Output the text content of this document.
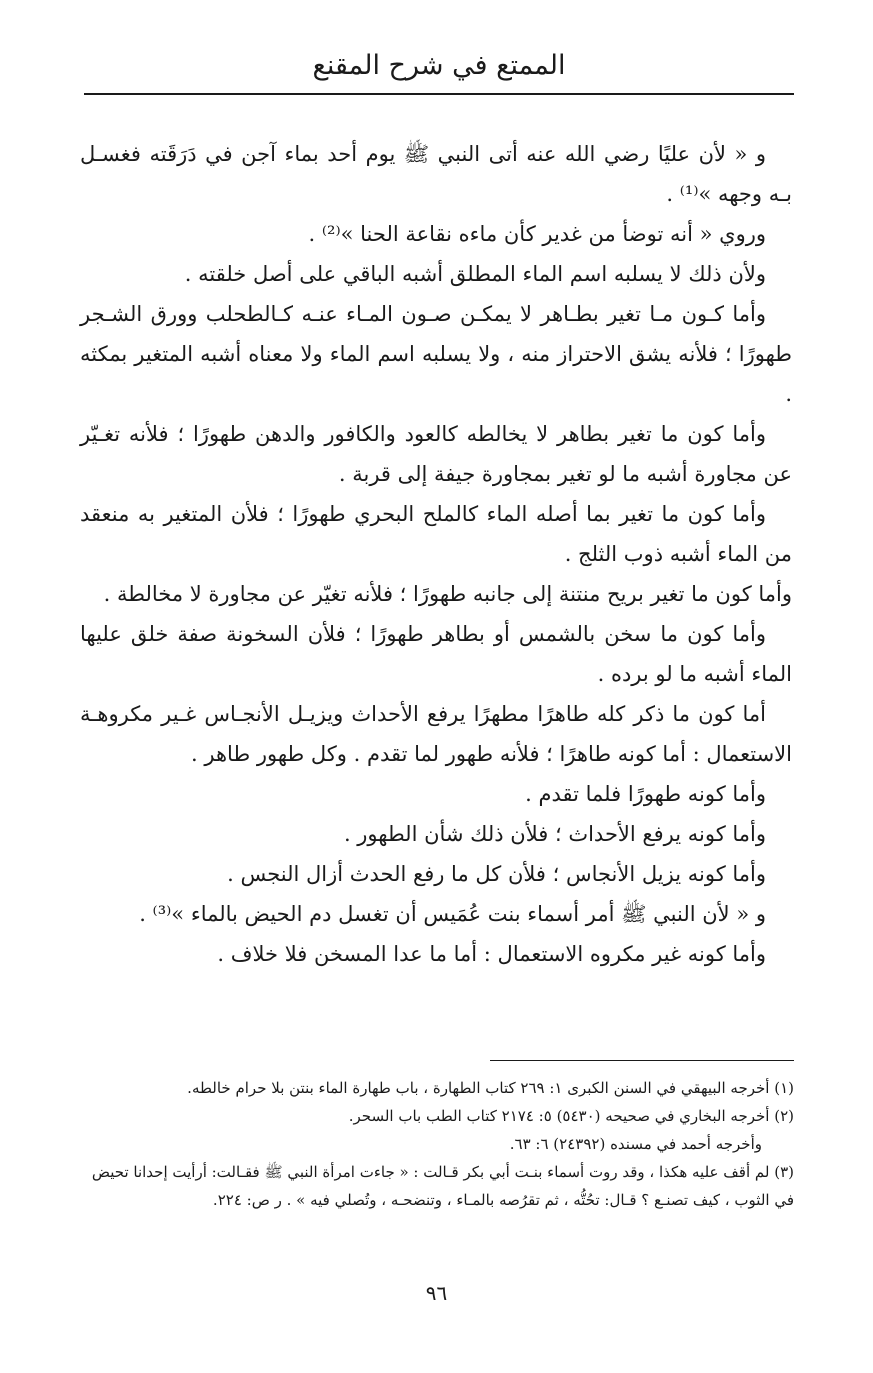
الممتع في شرح المقنع

و « لأن عليًا رضي الله عنه أتى النبي ﷺ يوم أحد بماء آجن في دَرَقَته فغسـل بـه وجهه »⁽¹⁾ .

وروي « أنه توضأ من غدير كأن ماءه نقاعة الحنا »⁽²⁾ .

ولأن ذلك لا يسلبه اسم الماء المطلق أشبه الباقي على أصل خلقته .

وأما كـون مـا تغير بطـاهر لا يمكـن صـون المـاء عنـه كـالطحلب وورق الشـجر طهورًا ؛ فلأنه يشق الاحتراز منه ، ولا يسلبه اسم الماء ولا معناه أشبه المتغير بمكثه .

وأما كون ما تغير بطاهر لا يخالطه كالعود والكافور والدهن طهورًا ؛ فلأنه تغـيّر عن مجاورة أشبه ما لو تغير بمجاورة جيفة إلى قربة .

وأما كون ما تغير بما أصله الماء كالملح البحري طهورًا ؛ فلأن المتغير به منعقد من الماء أشبه ذوب الثلج .

وأما كون ما تغير بريح منتنة إلى جانبه طهورًا ؛ فلأنه تغيّر عن مجاورة لا مخالطة .

وأما كون ما سخن بالشمس أو بطاهر طهورًا ؛ فلأن السخونة صفة خلق عليها الماء أشبه ما لو برده .

أما كون ما ذكر كله طاهرًا مطهرًا يرفع الأحداث ويزيـل الأنجـاس غـير مكروهـة الاستعمال : أما كونه طاهرًا ؛ فلأنه طهور لما تقدم . وكل طهور طاهر .

وأما كونه طهورًا فلما تقدم .

وأما كونه يرفع الأحداث ؛ فلأن ذلك شأن الطهور .

وأما كونه يزيل الأنجاس ؛ فلأن كل ما رفع الحدث أزال النجس .

و « لأن النبي ﷺ أمر أسماء بنت عُمَيس أن تغسل دم الحيض بالماء »⁽³⁾ .

وأما كونه غير مكروه الاستعمال : أما ما عدا المسخن فلا خلاف .

(١) أخرجه البيهقي في السنن الكبرى ١: ٢٦٩ كتاب الطهارة ، باب طهارة الماء بنتن بلا حرام خالطه.

(٢) أخرجه البخاري في صحيحه (٥٤٣٠) ٥: ٢١٧٤ كتاب الطب باب السحر.

وأخرجه أحمد في مسنده (٢٤٣٩٢) ٦: ٦٣.

(٣) لم أقف عليه هكذا ، وقد روت أسماء بنـت أبي بكر قـالت : « جاءت امرأة النبي ﷺ فقـالت: أرأيت إحدانا تحيض في الثوب ، كيف تصنـع ؟ قـال: تحُتُّه ، ثم تقرُصه بالمـاء ، وتنضحـه ، وتُصلي فيه » . ر ص: ٢٢٤.

٩٦
